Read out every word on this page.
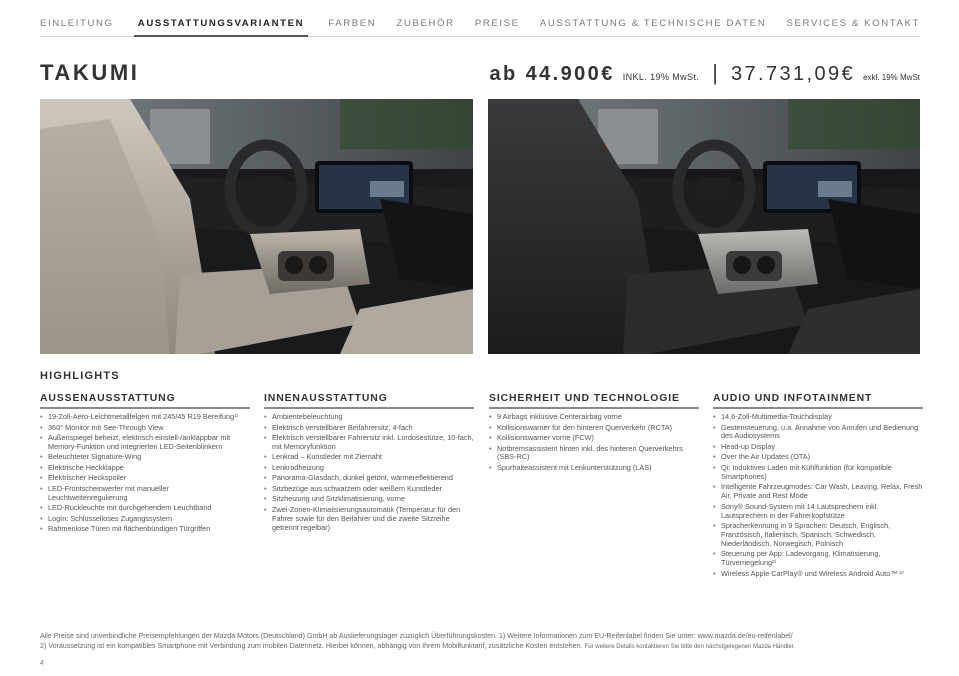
EINLEITUNG	AUSSTATTUNGSVARIANTEN	FARBEN ZUBEHÖR PREISE AUSSTATTUNG & TECHNISCHE DATEN SERVICES & KONTAKT
TAKUMI	ab 44.900€ INKL. 19% MwSt. | 37.731,09€ exkl. 19% MwSt
HIGHLIGHTS
AUSSENAUSSTATTUNG
• 19-Zoll-Aero-Leichtmetallfelgen mit 245/45 R19 Bereifung¹⁾
• 360° Monitor mit See-Through View
• Außenspiegel beheizt, elektrisch einstell-/anklappbar mit Memory-Funktion und integrierten LED-Seitenblinkern
• Beleuchteter Signature-Wing
• Elektrische Heckklappe
• Elektrischer Heckspoiler
• LED-Frontscheinwerfer mit manueller Leuchtweitenregulierung
• LED-Rückleuchte mit durchgehendem Leuchtband
• LogIn: Schlüsselloses Zugangssystem
• Rahmenlose Türen mit flächenbündigen Türgriffen
INNENAUSSTATTUNG
• Ambientebeleuchtung
• Elektrisch verstellbarer Beifahrersitz, 4-fach
• Elektrisch verstellbarer Fahrersitz inkl. Lordosestütze, 10-fach, mit Memoryfunktion
• Lenkrad – Kunstleder mit Ziernaht
• Lenkradheizung
• Panorama-Glasdach, dunkel getönt, wärmereflektierend
• Sitzbezüge aus schwarzem oder weißem Kunstleder
• Sitzheizung und Sitzklimatisierung, vorne
• Zwei-Zonen-Klimatisierungsautomatik (Temperatur für den Fahrer sowie für den Beifahrer und die zweite Sitzreihe getrennt regelbar)
SICHERHEIT UND TECHNOLOGIE
• 9 Airbags inklusive Centerairbag vorne
• Kollisionswarner für den hinteren Querverkehr (RCTA)
• Kollisionswarner vorne (FCW)
• Notbremsassistent hinten inkl. des hinteren Querverkehrs (SBS-RC)
• Spurhalteassistent mit Lenkunterstützung (LAS)
AUDIO UND INFOTAINMENT
• 14,6-Zoll-Multimedia-Touchdisplay
• Gestensteuerung, u.a. Annahme von Anrufen und Bedienung des Audiosystems
• Head-up Display
• Over the Air Updates (OTA)
• Qi: Induktives Laden mit Kühlfunktion (für kompatible Smartphones)
• Intelligente Fahrzeugmodes: Car Wash, Leaving, Relax, Fresh Air, Private and Rest Mode
• Sony® Sound-System mit 14 Lautsprechern inkl. Lautsprechern in der Fahrerkopfstütze
• Spracherkennung in 9 Sprachen: Deutsch, Englisch, Französisch, Italienisch, Spanisch, Schwedisch, Niederländisch, Norwegisch, Polnisch
• Steuerung per App: Ladevorgang, Klimatisierung, Türverriegelung²⁾
• Wireless Apple CarPlay® und Wireless Android Auto™ ²⁾
Alle Preise sind unverbindliche Preisempfehlungen der Mazda Motors (Deutschland) GmbH ab Auslieferungslager zuzüglich Überführungskosten. 1) Weitere Informationen zum EU-Reifenlabel finden Sie unter: www.mazda.de/eu-reifenlabel/
2) Voraussetzung ist ein kompatibles Smartphone mit Verbindung zum mobilen Datennetz. Hierbei können, abhängig von Ihrem Mobilfunktarif, zusätzliche Kosten entstehen. Für weitere Details kontaktieren Sie bitte den nächstgelegenen Mazda Händler.
4
